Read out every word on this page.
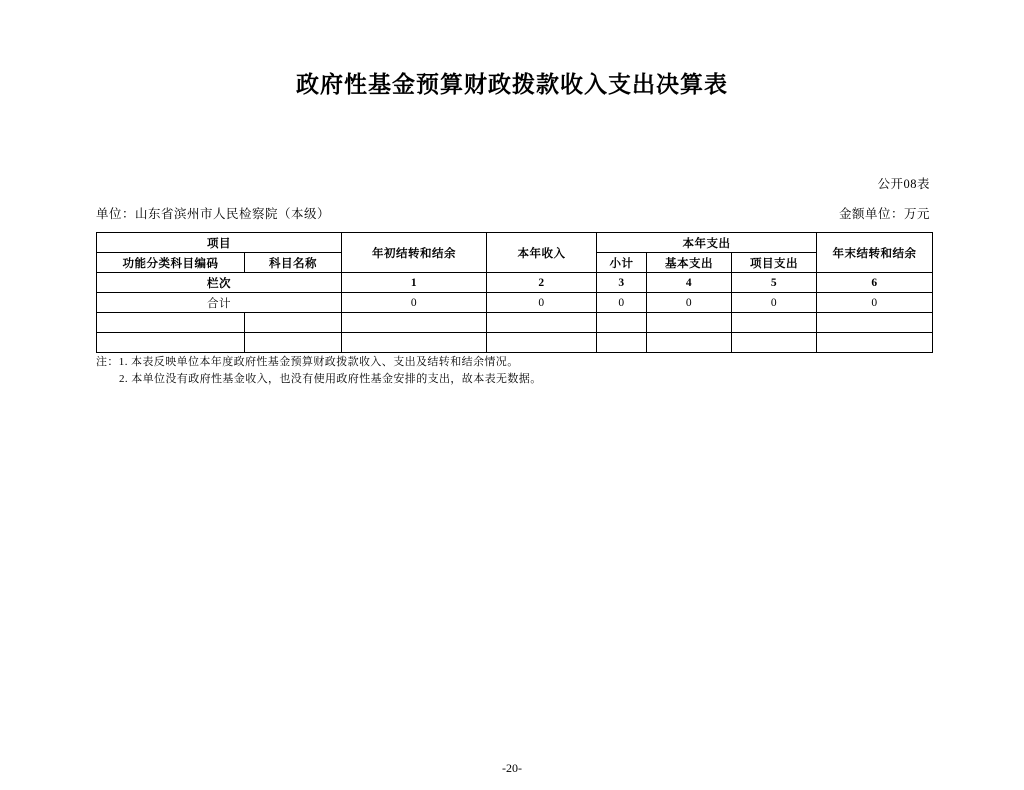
政府性基金预算财政拨款收入支出决算表
公开08表
单位：山东省滨州市人民检察院（本级）	金额单位：万元
项目		年初结转和结余	本年收入	本年支出			年末结转和结余
功能分类科目编码	科目名称			小计	基本支出	项目支出	
栏次		1	2	3	4	5	6
合计		0	0	0	0	0	0

注：1. 本表反映单位本年度政府性基金预算财政拨款收入、支出及结转和结余情况。
2. 本单位没有政府性基金收入，也没有使用政府性基金安排的支出，故本表无数据。
-20-
